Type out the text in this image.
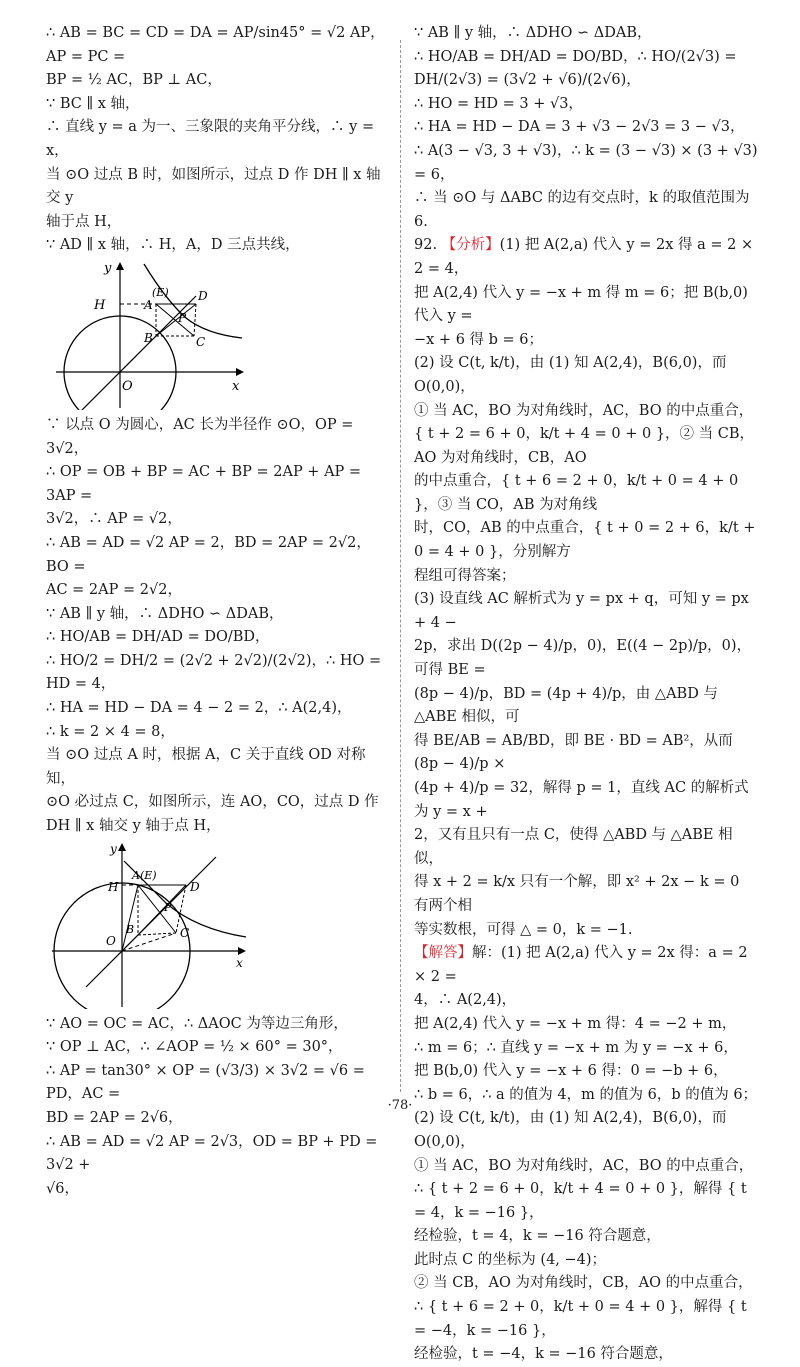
∴ AB = BC = CD = DA = AP/sin45° = √2 AP，AP = PC =

BP = ½ AC，BP ⊥ AC，

∵ BC ∥ x 轴，

∴ 直线 y = a 为一、三象限的夹角平分线，∴ y = x，

当 ⊙O 过点 B 时，如图所示，过点 D 作 DH ∥ x 轴交 y

轴于点 H，

∵ AD ∥ x 轴，∴ H，A，D 三点共线，

y
x
O
H	A
(E) D
P
B	C

∵ 以点 O 为圆心，AC 长为半径作 ⊙O，OP = 3√2，

∴ OP = OB + BP = AC + BP = 2AP + AP = 3AP =

3√2，∴ AP = √2，

∴ AB = AD = √2 AP = 2，BD = 2AP = 2√2，BO =

AC = 2AP = 2√2，

∵ AB ∥ y 轴，∴ ΔDHO ∽ ΔDAB，

∴ HO/AB = DH/AD = DO/BD，

∴ HO/2 = DH/2 = (2√2 + 2√2)/(2√2)，∴ HO = HD = 4，

∴ HA = HD − DA = 4 − 2 = 2，∴ A(2,4)，

∴ k = 2 × 4 = 8，

当 ⊙O 过点 A 时，根据 A，C 关于直线 OD 对称知，

⊙O 必过点 C，如图所示，连 AO，CO，过点 D 作

DH ∥ x 轴交 y 轴于点 H，

y
x
O
H
A(E)
D
P
B	C

∵ AO = OC = AC，∴ ΔAOC 为等边三角形，

∵ OP ⊥ AC，∴ ∠AOP = ½ × 60° = 30°，

∴ AP = tan30° × OP = (√3/3) × 3√2 = √6 = PD，AC =

BD = 2AP = 2√6，

∴ AB = AD = √2 AP = 2√3，OD = BP + PD = 3√2 +

√6，

∵ AB ∥ y 轴，∴ ΔDHO ∽ ΔDAB，

∴ HO/AB = DH/AD = DO/BD，∴ HO/(2√3) = DH/(2√3) = (3√2 + √6)/(2√6)，

∴ HO = HD = 3 + √3，

∴ HA = HD − DA = 3 + √3 − 2√3 = 3 − √3，

∴ A(3 − √3, 3 + √3)，∴ k = (3 − √3) × (3 + √3) = 6，

∴ 当 ⊙O 与 ΔABC 的边有交点时，k 的取值范围为 6.

92. 【分析】(1) 把 A(2,a) 代入 y = 2x 得 a = 2 × 2 = 4，

把 A(2,4) 代入 y = −x + m 得 m = 6；把 B(b,0) 代入 y =

−x + 6 得 b = 6；

(2) 设 C(t, k/t)，由 (1) 知 A(2,4)，B(6,0)，而 O(0,0)，

① 当 AC，BO 为对角线时，AC，BO 的中点重合，

{ t + 2 = 6 + 0，k/t + 4 = 0 + 0 }，② 当 CB，AO 为对角线时，CB，AO

的中点重合，{ t + 6 = 2 + 0，k/t + 0 = 4 + 0 }，③ 当 CO，AB 为对角线

时，CO，AB 的中点重合，{ t + 0 = 2 + 6，k/t + 0 = 4 + 0 }，分别解方

程组可得答案；

(3) 设直线 AC 解析式为 y = px + q，可知 y = px + 4 −

2p，求出 D((2p − 4)/p，0)，E((4 − 2p)/p，0)，可得 BE =

(8p − 4)/p，BD = (4p + 4)/p，由 △ABD 与 △ABE 相似，可

得 BE/AB = AB/BD，即 BE · BD = AB²，从而 (8p − 4)/p ×

(4p + 4)/p = 32，解得 p = 1，直线 AC 的解析式为 y = x +

2，又有且只有一点 C，使得 △ABD 与 △ABE 相似，

得 x + 2 = k/x 只有一个解，即 x² + 2x − k = 0 有两个相

等实数根，可得 △ = 0，k = −1.

【解答】解：(1) 把 A(2,a) 代入 y = 2x 得：a = 2 × 2 =

4，∴ A(2,4)，

把 A(2,4) 代入 y = −x + m 得：4 = −2 + m，

∴ m = 6；∴ 直线 y = −x + m 为 y = −x + 6，

把 B(b,0) 代入 y = −x + 6 得：0 = −b + 6，

∴ b = 6，∴ a 的值为 4，m 的值为 6，b 的值为 6；

(2) 设 C(t, k/t)，由 (1) 知 A(2,4)，B(6,0)，而 O(0,0)，

① 当 AC，BO 为对角线时，AC，BO 的中点重合，

∴ { t + 2 = 6 + 0，k/t + 4 = 0 + 0 }，解得 { t = 4，k = −16 }，

经检验，t = 4，k = −16 符合题意，

此时点 C 的坐标为 (4, −4)；

② 当 CB，AO 为对角线时，CB，AO 的中点重合，

∴ { t + 6 = 2 + 0，k/t + 0 = 4 + 0 }，解得 { t = −4，k = −16 }，

经检验，t = −4，k = −16 符合题意，

·78·
